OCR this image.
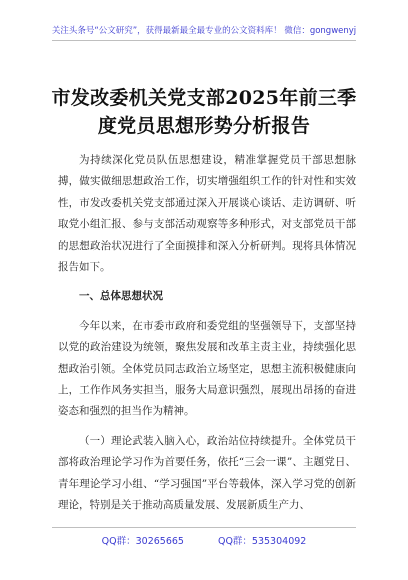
关注头条号“公文研究”，获得最新最全最专业的公文资料库！ 微信：gongwenyj
市发改委机关党支部2025年前三季度党员思想形势分析报告

为持续深化党员队伍思想建设，精准掌握党员干部思想脉搏，做实做细思想政治工作，切实增强组织工作的针对性和实效性，市发改委机关党支部通过深入开展谈心谈话、走访调研、听取党小组汇报、参与支部活动观察等多种形式，对支部党员干部的思想政治状况进行了全面摸排和深入分析研判。现将具体情况报告如下。

一、总体思想状况

今年以来，在市委市政府和委党组的坚强领导下，支部坚持以党的政治建设为统领，聚焦发展和改革主责主业，持续强化思想政治引领。全体党员同志政治立场坚定，思想主流积极健康向上，工作作风务实担当，服务大局意识强烈，展现出昂扬的奋进姿态和强烈的担当作为精神。

（一）理论武装入脑入心，政治站位持续提升。全体党员干部将政治理论学习作为首要任务，依托“三会一课”、主题党日、青年理论学习小组、“学习强国”平台等载体，深入学习党的创新理论，特别是关于推动高质量发展、发展新质生产力、

QQ群：30265665	QQ群：535304092
